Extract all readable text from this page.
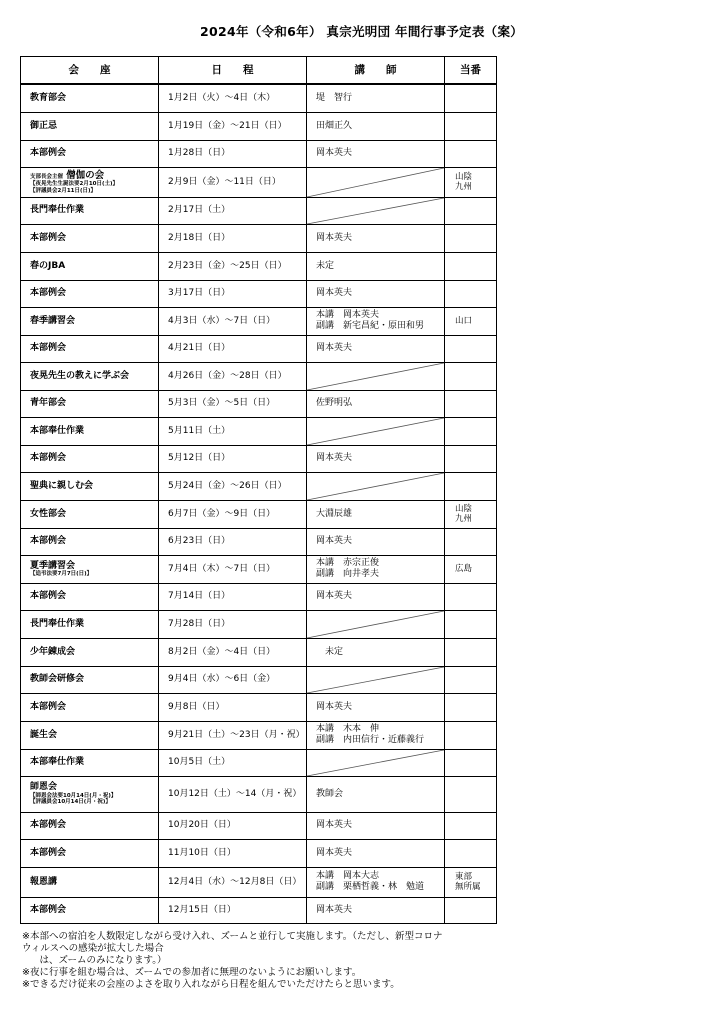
2024年（令和6年） 真宗光明団 年間行事予定表（案）
会　　座	日　　程	講　　師	当番

教育部会	1月2日（火）～4日（木）	堤　智行	

御正忌	1月19日（金）～21日（日）	田畑正久	

本部例会	1月28日（日）	岡本英夫	

支部長会主催 僧伽の会
【夜晃先生生誕法要2月10日(土)】
【評議員会2月11日(日)】	2月9日（金）～11日（日）		山陰
九州

長門奉仕作業	2月17日（土）	

本部例会	2月18日（日）	岡本英夫	

春のJBA	2月23日（金）～25日（日）	未定	

本部例会	3月17日（日）	岡本英夫	

春季講習会	4月3日（水）～7日（日）	本講　岡本英夫
副講　新宅昌紀・原田和男	山口

本部例会	4月21日（日）	岡本英夫	

夜晃先生の教えに学ぶ会	4月26日（金）～28日（日）	

青年部会	5月3日（金）～5日（日）	佐野明弘	

本部奉仕作業	5月11日（土）	

本部例会	5月12日（日）	岡本英夫	

聖典に親しむ会	5月24日（金）～26日（日）	

女性部会	6月7日（金）～9日（日）	大淵辰雄	山陰
九州

本部例会	6月23日（日）	岡本英夫	

夏季講習会
【追弔法要7月7日(日)】	7月4日（木）～7日（日）	本講　赤宗正俊
副講　向井孝夫	広島

本部例会	7月14日（日）	岡本英夫	

長門奉仕作業	7月28日（日）	

少年錬成会	8月2日（金）～4日（日）	　未定	

教師会研修会	9月4日（水）～6日（金）	

本部例会	9月8日（日）	岡本英夫	

誕生会	9月21日（土）～23日（月・祝）	本講　木本　伸
副講　内田信行・近藤義行	

本部奉仕作業	10月5日（土）	

師恩会
【師恩会法要10月14日(月・祝)】
【評議員会10月14日(月・祝)】	10月12日（土）～14（月・祝）	教師会	

本部例会	10月20日（日）	岡本英夫	

本部例会	11月10日（日）	岡本英夫	

報恩講	12月4日（水）～12月8日（日）	本講　岡本大志
副講　栗栖哲義・林　勉道	東部
無所属

本部例会	12月15日（日）	岡本英夫	

※本部への宿泊を人数限定しながら受け入れ、ズームと並行して実施します。（ただし、新型コロナ

ウィルスへの感染が拡大した場合

　は、ズームのみになります。）

※夜に行事を組む場合は、ズームでの参加者に無理のないようにお願いします。

※できるだけ従来の会座のよさを取り入れながら日程を組んでいただけたらと思います。
